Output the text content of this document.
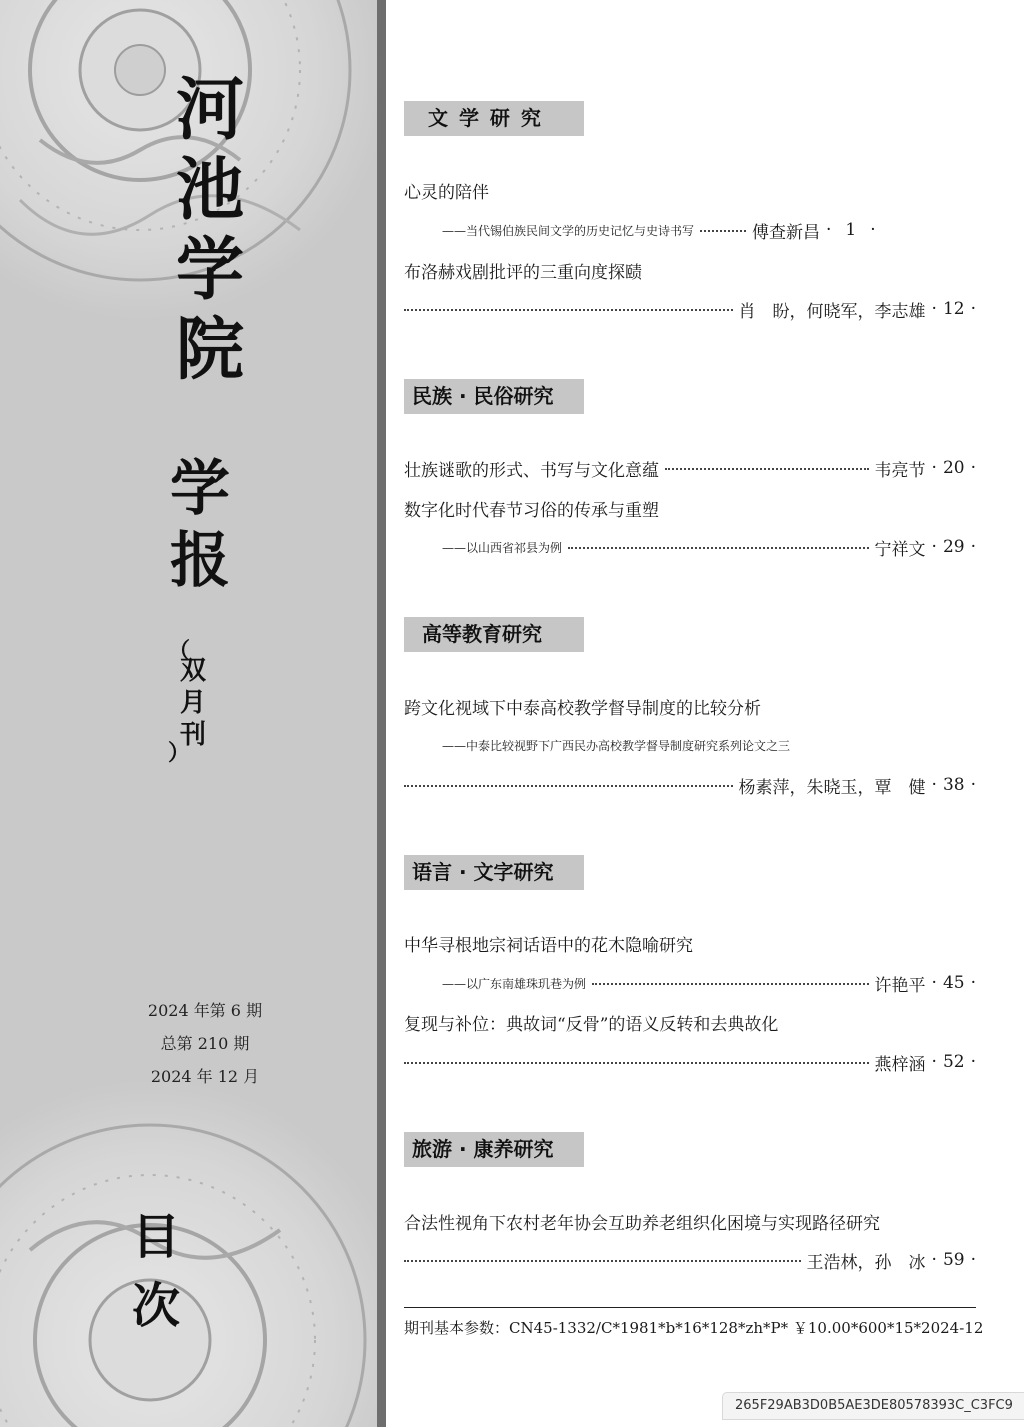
河
池
学
院
学
报
（
双
月
刊
）
2024 年第 6 期
总第 210 期
2024 年 12 月
目次
文 学 研 究
心灵的陪伴
——当代锡伯族民间文学的历史记忆与史诗书写	傅查新昌 · 1 ·
布洛赫戏剧批评的三重向度探赜
肖　盼，何晓军，李志雄 · 12 ·
民族 · 民俗研究
壮族谜歌的形式、书写与文化意蕴	韦亮节 · 20 ·
数字化时代春节习俗的传承与重塑
——以山西省祁县为例	宁祥文 · 29 ·
高等教育研究
跨文化视域下中泰高校教学督导制度的比较分析
——中泰比较视野下广西民办高校教学督导制度研究系列论文之三
杨素萍，朱晓玉，覃　健 · 38 ·
语言 · 文字研究
中华寻根地宗祠话语中的花木隐喻研究
——以广东南雄珠玑巷为例	许艳平 · 45 ·
复现与补位：典故词“反骨”的语义反转和去典故化
燕梓涵 · 52 ·
旅游 · 康养研究
合法性视角下农村老年协会互助养老组织化困境与实现路径研究
王浩林，孙　冰 · 59 ·
期刊基本参数：CN45-1332/C*1981*b*16*128*zh*P* ￥10.00*600*15*2024-12
265F29AB3D0B5AE3DE80578393C_C3FC9
